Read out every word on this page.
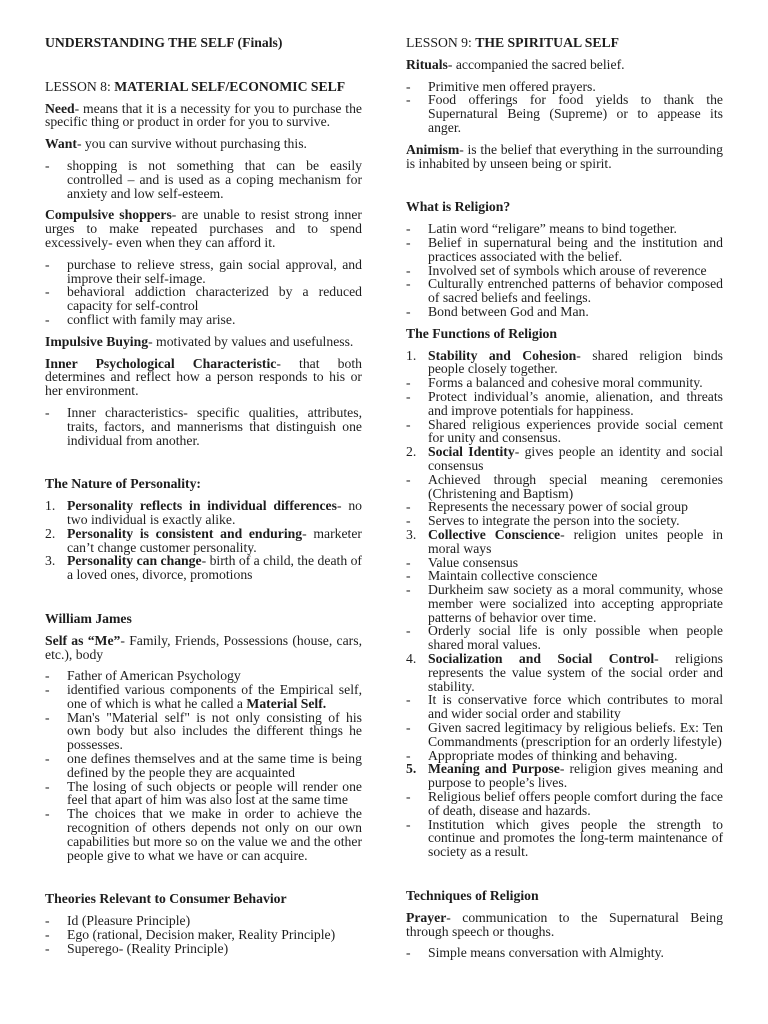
UNDERSTANDING THE SELF (Finals)

LESSON 8: MATERIAL SELF/ECONOMIC SELF

Need- means that it is a necessity for you to purchase the specific thing or product in order for you to survive.

Want- you can survive without purchasing this.

-	shopping is not something that can be easily controlled – and is used as a coping mechanism for anxiety and low self-esteem.

Compulsive shoppers- are unable to resist strong inner urges to make repeated purchases and to spend excessively- even when they can afford it.

-	purchase to relieve stress, gain social approval, and improve their self-image.
-	behavioral addiction characterized by a reduced capacity for self-control
-	conflict with family may arise.

Impulsive Buying- motivated by values and usefulness.

Inner Psychological Characteristic- that both determines and reflect how a person responds to his or her environment.

-	Inner characteristics- specific qualities, attributes, traits, factors, and mannerisms that distinguish one individual from another.

The Nature of Personality:

1. Personality reflects in individual differences- no two individual is exactly alike.
2. Personality is consistent and enduring- marketer can’t change customer personality.
3. Personality can change- birth of a child, the death of a loved ones, divorce, promotions

William James

Self as “Me”- Family, Friends, Possessions (house, cars, etc.), body

-	Father of American Psychology
-	identified various components of the Empirical self, one of which is what he called a Material Self.
-	Man's "Material self" is not only consisting of his own body but also includes the different things he possesses.
-	one defines themselves and at the same time is being defined by the people they are acquainted
-	The losing of such objects or people will render one feel that apart of him was also lost at the same time
-	The choices that we make in order to achieve the recognition of others depends not only on our own capabilities but more so on the value we and the other people give to what we have or can acquire.

Theories Relevant to Consumer Behavior

-	Id (Pleasure Principle)
-	Ego (rational, Decision maker, Reality Principle)
-	Superego- (Reality Principle)

LESSON 9: THE SPIRITUAL SELF

Rituals- accompanied the sacred belief.

-	Primitive men offered prayers.
-	Food offerings for food yields to thank the Supernatural Being (Supreme) or to appease its anger.

Animism- is the belief that everything in the surrounding is inhabited by unseen being or spirit.

What is Religion?

-	Latin word “religare” means to bind together.
-	Belief in supernatural being and the institution and practices associated with the belief.
-	Involved set of symbols which arouse of reverence
-	Culturally entrenched patterns of behavior composed of sacred beliefs and feelings.
-	Bond between God and Man.

The Functions of Religion

1. Stability and Cohesion- shared religion binds people closely together.
-	Forms a balanced and cohesive moral community.
-	Protect individual’s anomie, alienation, and threats and improve potentials for happiness.
-	Shared religious experiences provide social cement for unity and consensus.
2. Social Identity- gives people an identity and social consensus
-	Achieved through special meaning ceremonies (Christening and Baptism)
-	Represents the necessary power of social group
-	Serves to integrate the person into the society.
3. Collective Conscience- religion unites people in moral ways
-	Value consensus
-	Maintain collective conscience
-	Durkheim saw society as a moral community, whose member were socialized into accepting appropriate patterns of behavior over time.
-	Orderly social life is only possible when people shared moral values.
4. Socialization and Social Control- religions represents the value system of the social order and stability.
-	It is conservative force which contributes to moral and wider social order and stability
-	Given sacred legitimacy by religious beliefs. Ex: Ten Commandments (prescription for an orderly lifestyle)
-	Appropriate modes of thinking and behaving.
5. Meaning and Purpose- religion gives meaning and purpose to people’s lives.
-	Religious belief offers people comfort during the face of death, disease and hazards.
-	Institution which gives people the strength to continue and promotes the long-term maintenance of society as a result.

Techniques of Religion

Prayer- communication to the Supernatural Being through speech or thoughs.

-	Simple means conversation with Almighty.
